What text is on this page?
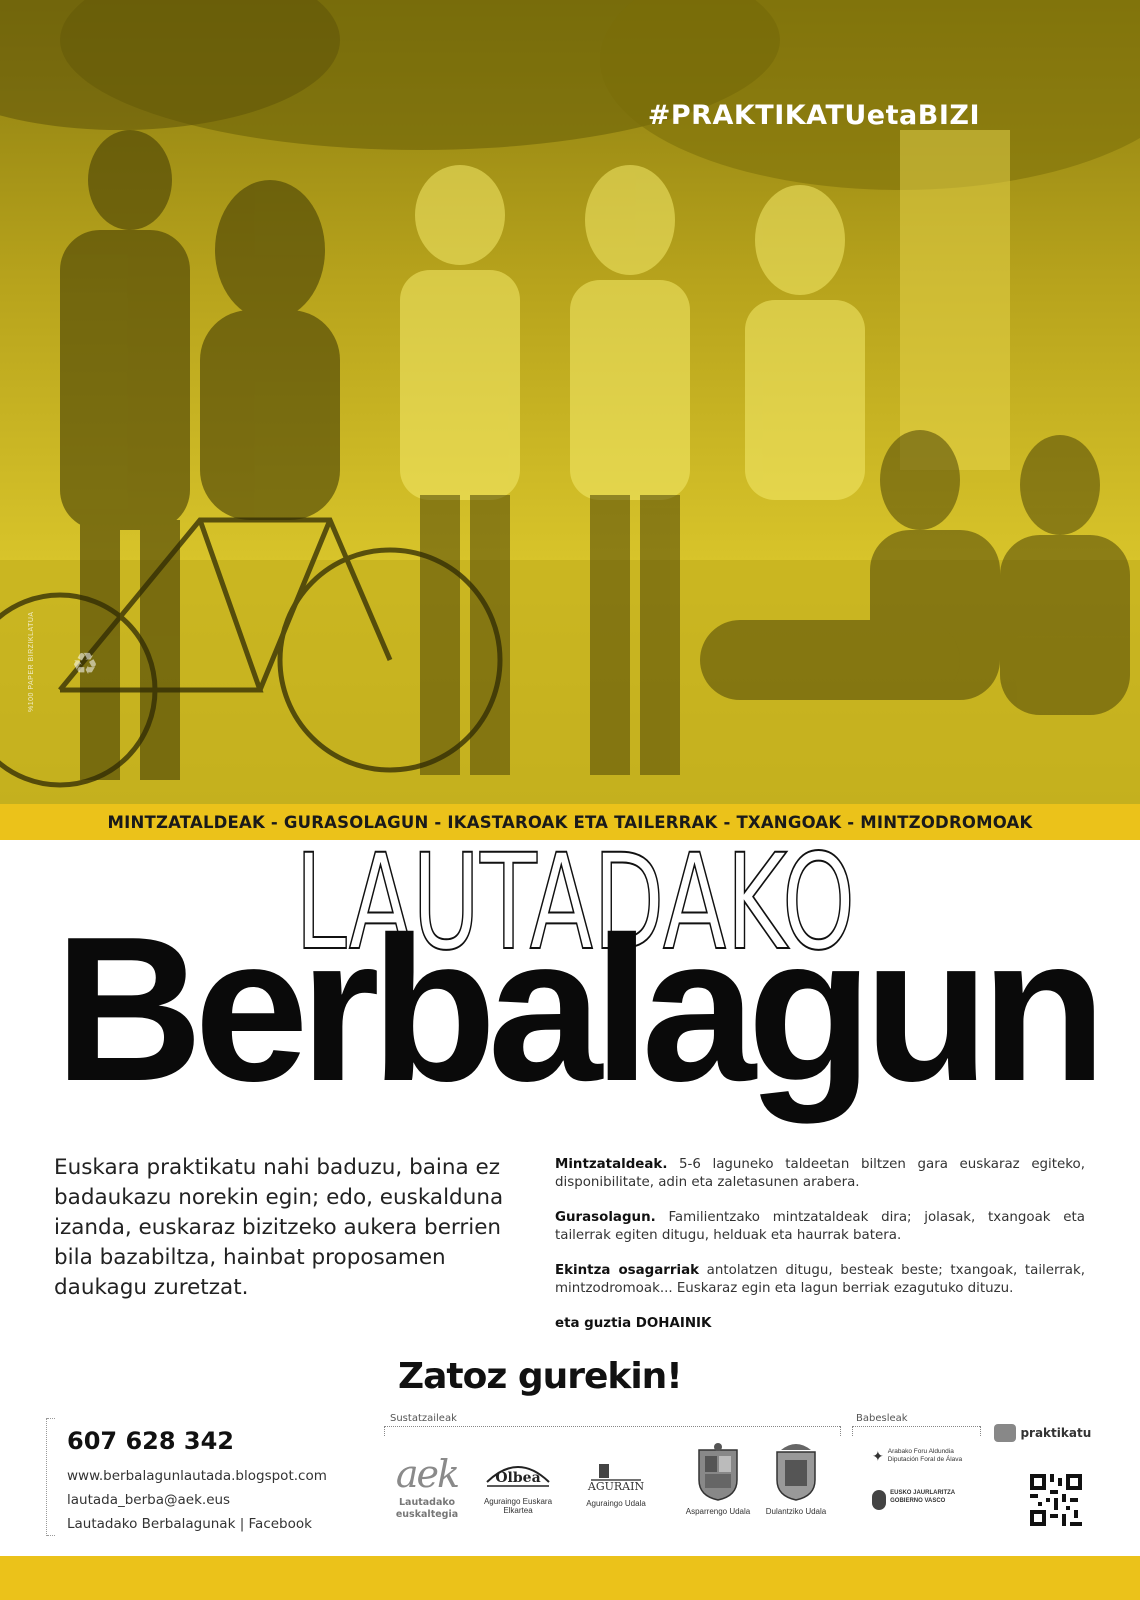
#PRAKTIKATUetaBIZI
♻
%100 PAPER BIRZIKLATUA
MINTZATALDEAK - GURASOLAGUN - IKASTAROAK ETA TAILERRAK - TXANGOAK - MINTZODROMOAK
LAUTADAKO
Berbalagun
Euskara praktikatu nahi baduzu, baina ez badaukazu norekin egin; edo, euskalduna izanda, euskaraz bizitzeko aukera berrien bila bazabiltza, hainbat proposamen daukagu zuretzat.

Mintzataldeak. 5-6 laguneko taldeetan biltzen gara euskaraz egiteko, disponibilitate, adin eta zaletasunen arabera.

Gurasolagun. Familientzako mintzataldeak dira; jolasak, txangoak eta tailerrak egiten ditugu, helduak eta haurrak batera.

Ekintza osagarriak antolatzen ditugu, besteak beste; txangoak, tailerrak, mintzodromoak... Euskaraz egin eta lagun berriak ezagutuko dituzu.

eta guztia DOHAINIK

Zatoz gurekin!
607 628 342
www.berbalagunlautada.blogspot.com
lautada_berba@aek.eus
Lautadako Berbalagunak | Facebook
Sustatzaileak
aek
Lautadako euskaltegia
Olbea
Aguraingo Euskara Elkartea
AGURAIN
Aguraingo Udala
Asparrengo Udala	Dulantziko Udala
Babesleak
✦ Arabako Foru Aldundia Diputación Foral de Álava
EUSKO JAURLARITZA GOBIERNO VASCO
praktikatu
